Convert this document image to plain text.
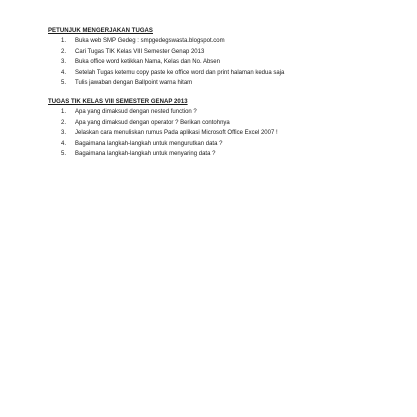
PETUNJUK MENGERJAKAN TUGAS
1.	Buka web SMP Gedeg : smpgedegswasta.blogspot.com
2.	Cari Tugas TIK Kelas VIII Semester Genap 2013
3.	Buka office word ketikkan Nama, Kelas dan No. Absen
4.	Setelah Tugas ketemu copy paste ke office word dan print halaman kedua saja
5.	Tulis jawaban dengan Ballpoint warna hitam
TUGAS TIK KELAS VIII SEMESTER GENAP 2013
1.	Apa yang dimaksud dengan nested function ?
2.	Apa yang dimaksud dengan operator ? Berikan contohnya
3.	Jelaskan cara menuliskan rumus Pada aplikasi Microsoft Office Excel 2007 !
4.	Bagaimana langkah-langkah untuk mengurutkan data ?
5.	Bagaimana langkah-langkah untuk menyaring data ?
